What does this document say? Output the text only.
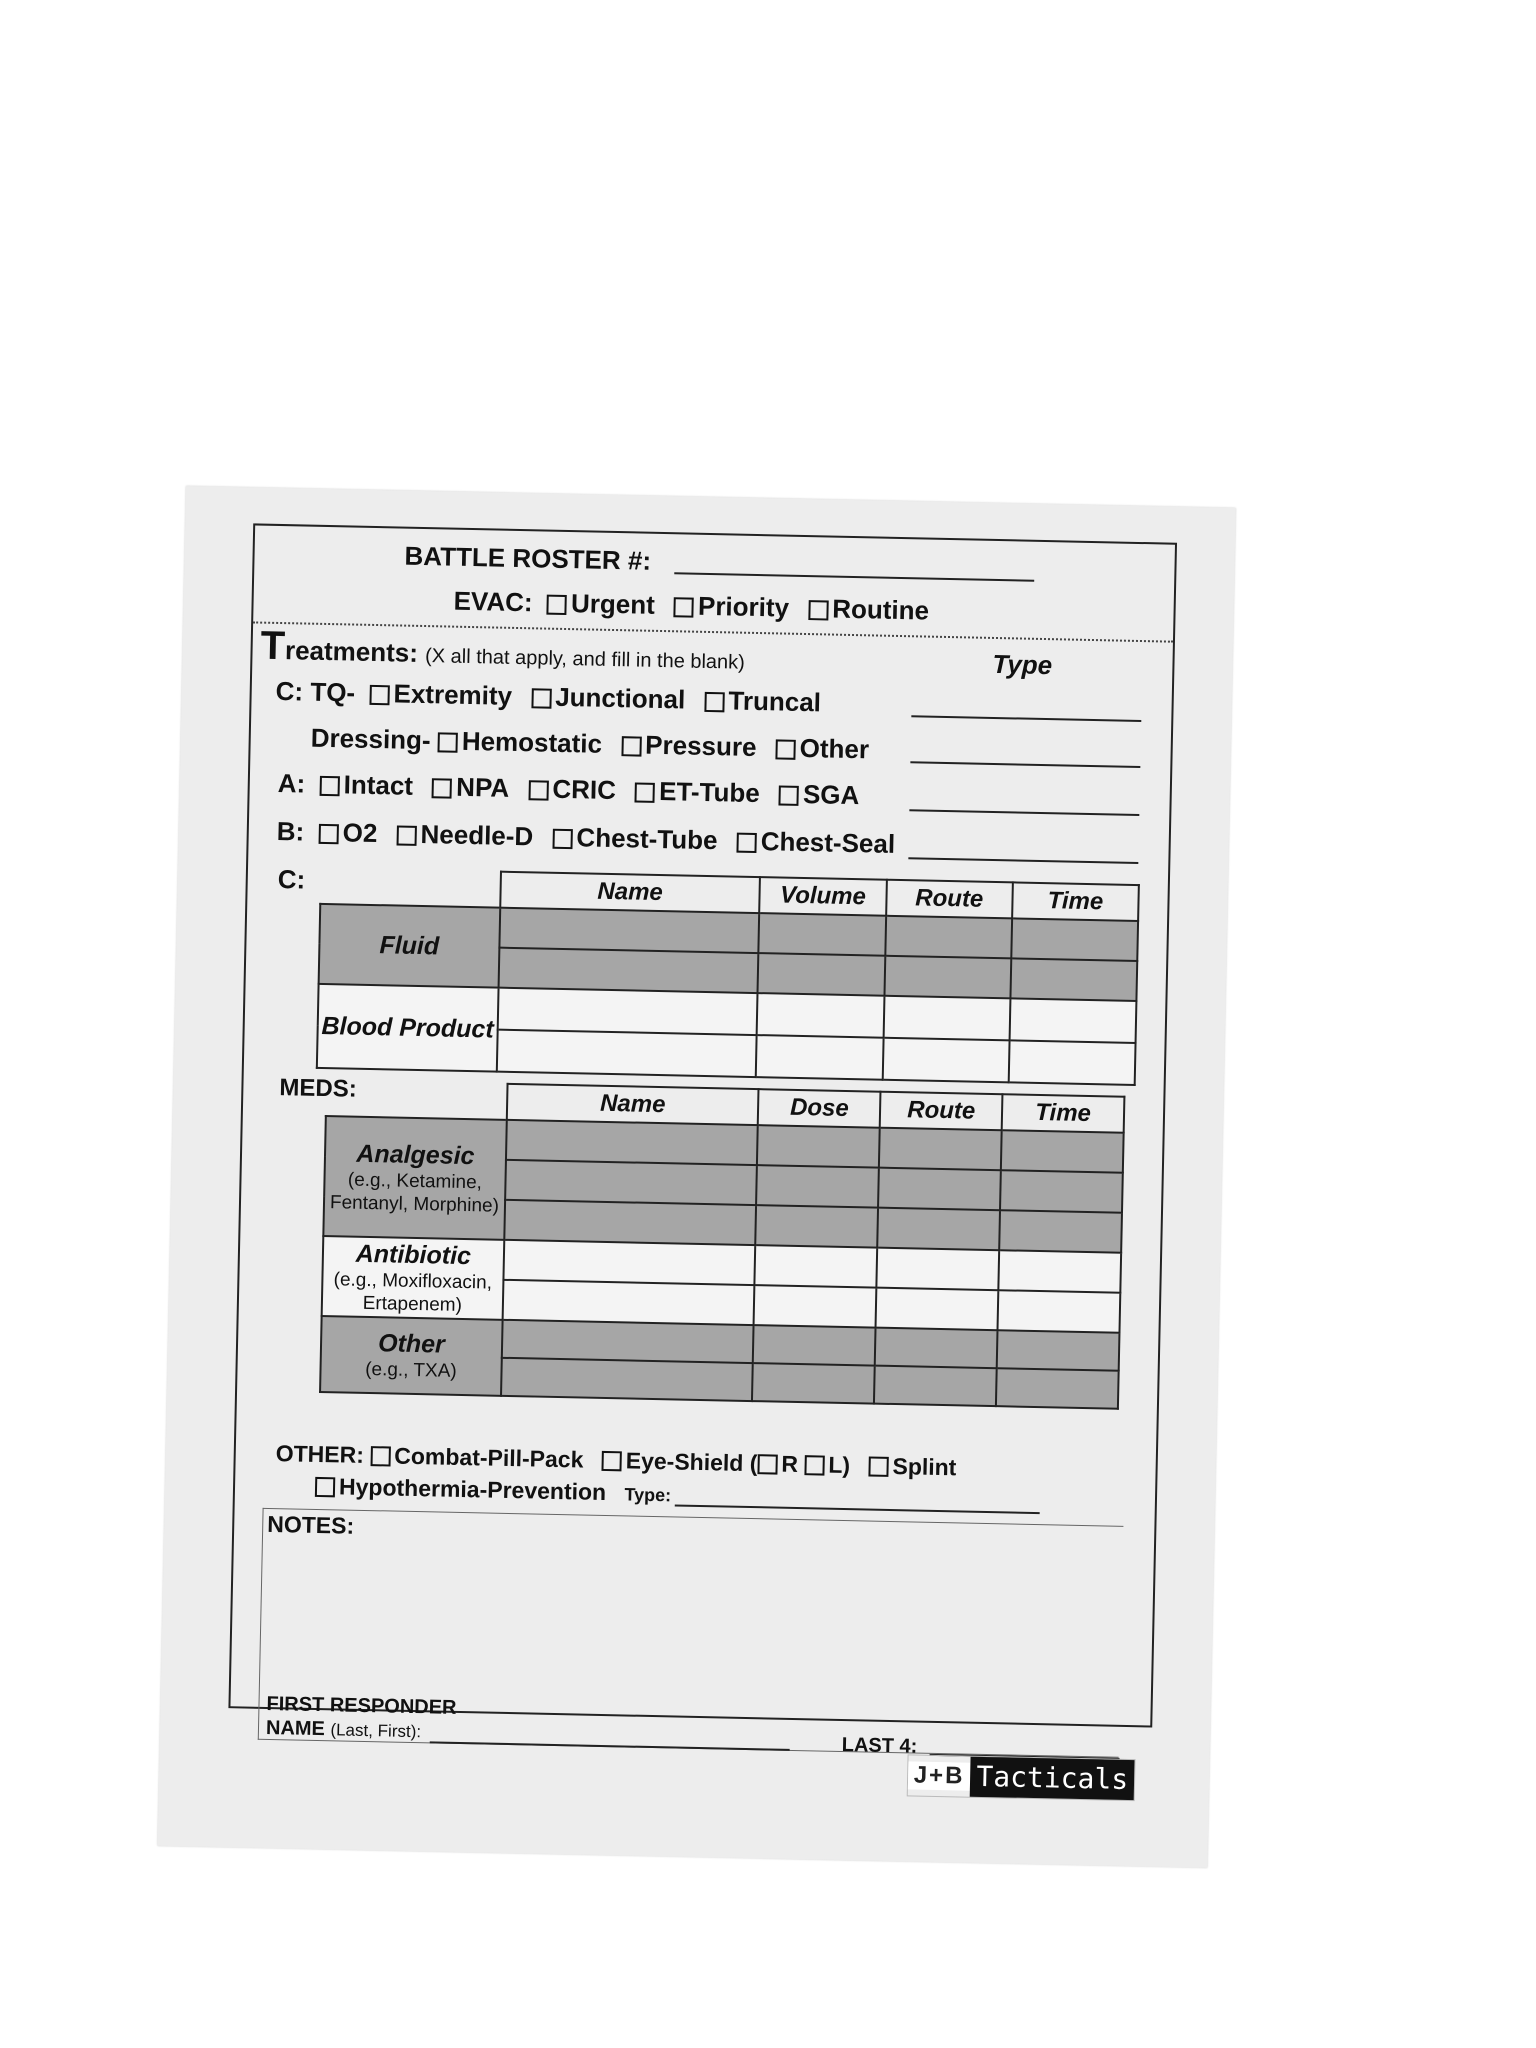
BATTLE ROSTER #:
EVAC: Urgent Priority Routine
Treatments: (X all that apply, and fill in the blank)	Type
C: TQ- Extremity Junctional Truncal
Dressing- Hemostatic Pressure Other
A: Intact NPA CRIC ET-Tube SGA
B: O2 Needle-D Chest-Tube Chest-Seal
C:
		Name	Volume	Route	Time
Fluid				

Blood Product				

MEDS:
	Name	Dose	Route	Time
Analgesic
(e.g., Ketamine, Fentanyl, Morphine)				

Antibiotic
(e.g., Moxifloxacin, Ertapenem)				

Other
(e.g., TXA)				

OTHER: Combat-Pill-Pack Eye-Shield ( R L) Splint
Hypothermia-Prevention Type:
NOTES:
FIRST RESPONDER
NAME (Last, First):
LAST 4:
J+B Tacticals
